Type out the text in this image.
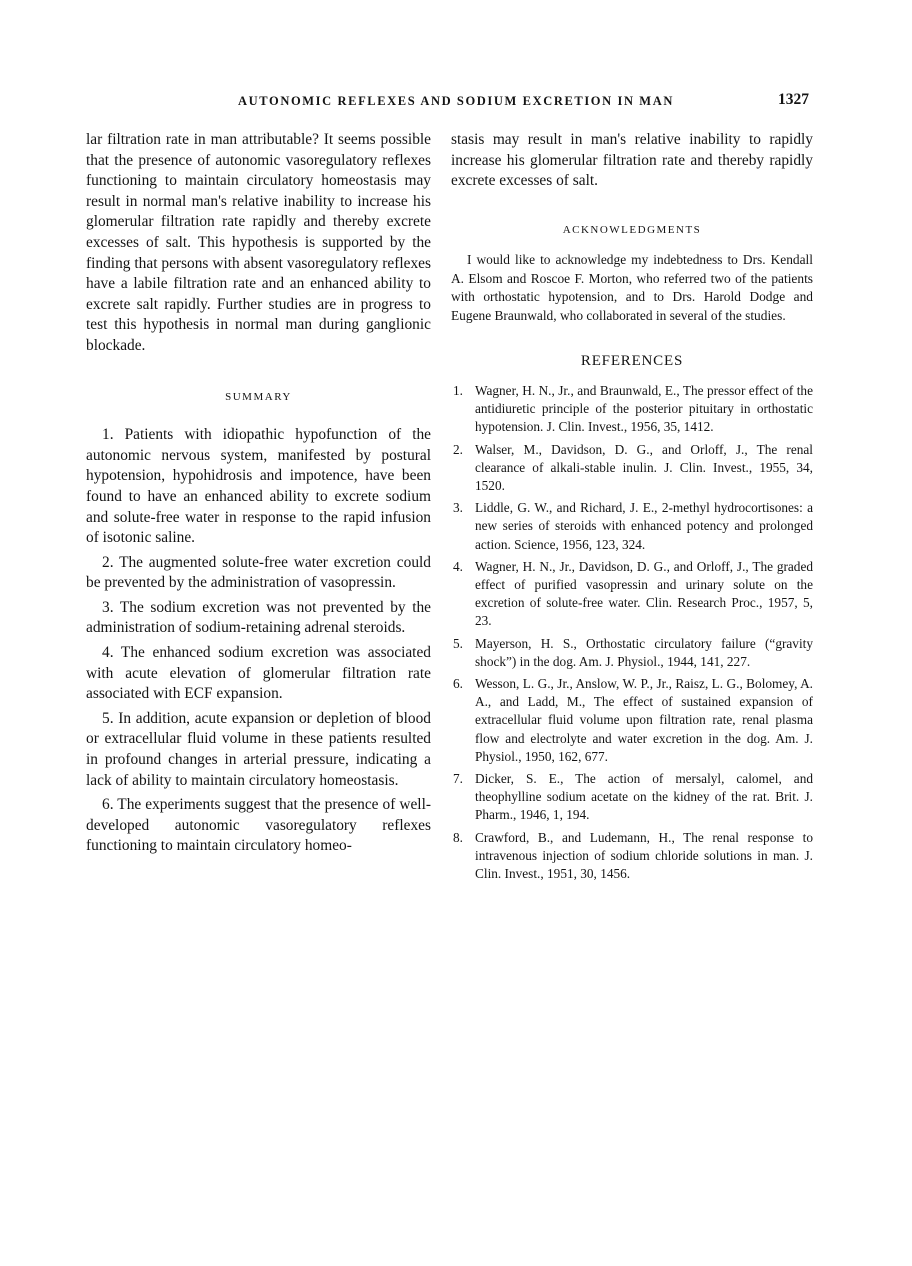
AUTONOMIC REFLEXES AND SODIUM EXCRETION IN MAN	1327

lar filtration rate in man attributable? It seems possible that the presence of autonomic vasoregulatory reflexes functioning to maintain circulatory homeostasis may result in normal man's relative inability to increase his glomerular filtration rate rapidly and thereby excrete excesses of salt. This hypothesis is supported by the finding that persons with absent vasoregulatory reflexes have a labile filtration rate and an enhanced ability to excrete salt rapidly. Further studies are in progress to test this hypothesis in normal man during ganglionic blockade.

SUMMARY

1. Patients with idiopathic hypofunction of the autonomic nervous system, manifested by postural hypotension, hypohidrosis and impotence, have been found to have an enhanced ability to excrete sodium and solute-free water in response to the rapid infusion of isotonic saline.

2. The augmented solute-free water excretion could be prevented by the administration of vasopressin.

3. The sodium excretion was not prevented by the administration of sodium-retaining adrenal steroids.

4. The enhanced sodium excretion was associated with acute elevation of glomerular filtration rate associated with ECF expansion.

5. In addition, acute expansion or depletion of blood or extracellular fluid volume in these patients resulted in profound changes in arterial pressure, indicating a lack of ability to maintain circulatory homeostasis.

6. The experiments suggest that the presence of well-developed autonomic vasoregulatory reflexes functioning to maintain circulatory homeo-

stasis may result in man's relative inability to rapidly increase his glomerular filtration rate and thereby rapidly excrete excesses of salt.

ACKNOWLEDGMENTS

I would like to acknowledge my indebtedness to Drs. Kendall A. Elsom and Roscoe F. Morton, who referred two of the patients with orthostatic hypotension, and to Drs. Harold Dodge and Eugene Braunwald, who collaborated in several of the studies.

REFERENCES
1. Wagner, H. N., Jr., and Braunwald, E., The pressor effect of the antidiuretic principle of the posterior pituitary in orthostatic hypotension. J. Clin. Invest., 1956, 35, 1412.
2. Walser, M., Davidson, D. G., and Orloff, J., The renal clearance of alkali-stable inulin. J. Clin. Invest., 1955, 34, 1520.
3. Liddle, G. W., and Richard, J. E., 2-methyl hydrocortisones: a new series of steroids with enhanced potency and prolonged action. Science, 1956, 123, 324.
4. Wagner, H. N., Jr., Davidson, D. G., and Orloff, J., The graded effect of purified vasopressin and urinary solute on the excretion of solute-free water. Clin. Research Proc., 1957, 5, 23.
5. Mayerson, H. S., Orthostatic circulatory failure (“gravity shock”) in the dog. Am. J. Physiol., 1944, 141, 227.
6. Wesson, L. G., Jr., Anslow, W. P., Jr., Raisz, L. G., Bolomey, A. A., and Ladd, M., The effect of sustained expansion of extracellular fluid volume upon filtration rate, renal plasma flow and electrolyte and water excretion in the dog. Am. J. Physiol., 1950, 162, 677.
7. Dicker, S. E., The action of mersalyl, calomel, and theophylline sodium acetate on the kidney of the rat. Brit. J. Pharm., 1946, 1, 194.
8. Crawford, B., and Ludemann, H., The renal response to intravenous injection of sodium chloride solutions in man. J. Clin. Invest., 1951, 30, 1456.
